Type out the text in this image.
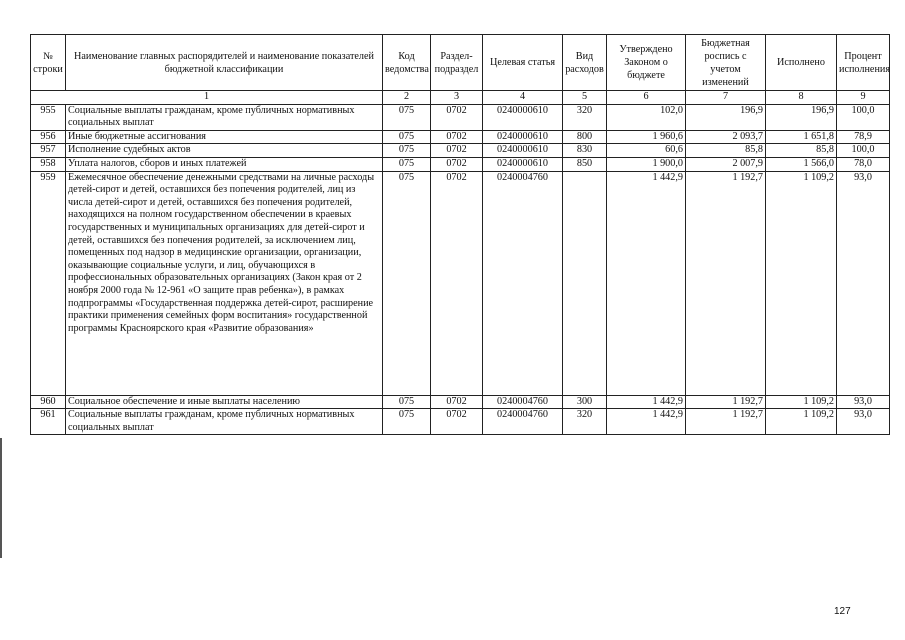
№ строки	Наименование главных распорядителей и наименование показателей бюджетной классификации	Код ведомства	Раздел-подраздел	Целевая статья	Вид расходов	Утверждено Законом о бюджете	Бюджетная роспись с учетом изменений	Исполнено	Процент исполнения
1		2	3	4	5	6	7	8	9
955	Социальные выплаты гражданам, кроме публичных нормативных социальных выплат	075	0702	0240000610	320	102,0	196,9	196,9	100,0
956	Иные бюджетные ассигнования	075	0702	0240000610	800	1 960,6	2 093,7	1 651,8	78,9
957	Исполнение судебных актов	075	0702	0240000610	830	60,6	85,8	85,8	100,0
958	Уплата налогов, сборов и иных платежей	075	0702	0240000610	850	1 900,0	2 007,9	1 566,0	78,0
959	Ежемесячное обеспечение денежными средствами на личные расходы детей-сирот и детей, оставшихся без попечения родителей, лиц из числа детей-сирот и детей, оставшихся без попечения родителей, находящихся на полном государственном обеспечении в краевых государственных и муниципальных организациях для детей-сирот и детей, оставшихся без попечения родителей, за исключением лиц, помещенных под надзор в медицинские организации, организации, оказывающие социальные услуги, и лиц, обучающихся в профессиональных образовательных организациях (Закон края от 2 ноября 2000 года № 12-961 «О защите прав ребенка»), в рамках подпрограммы «Государственная поддержка детей-сирот, расширение практики применения семейных форм воспитания» государственной программы Красноярского края «Развитие образования»	075	0702	0240004760		1 442,9	1 192,7	1 109,2	93,0
960	Социальное обеспечение и иные выплаты населению	075	0702	0240004760	300	1 442,9	1 192,7	1 109,2	93,0
961	Социальные выплаты гражданам, кроме публичных нормативных социальных выплат	075	0702	0240004760	320	1 442,9	1 192,7	1 109,2	93,0
127
